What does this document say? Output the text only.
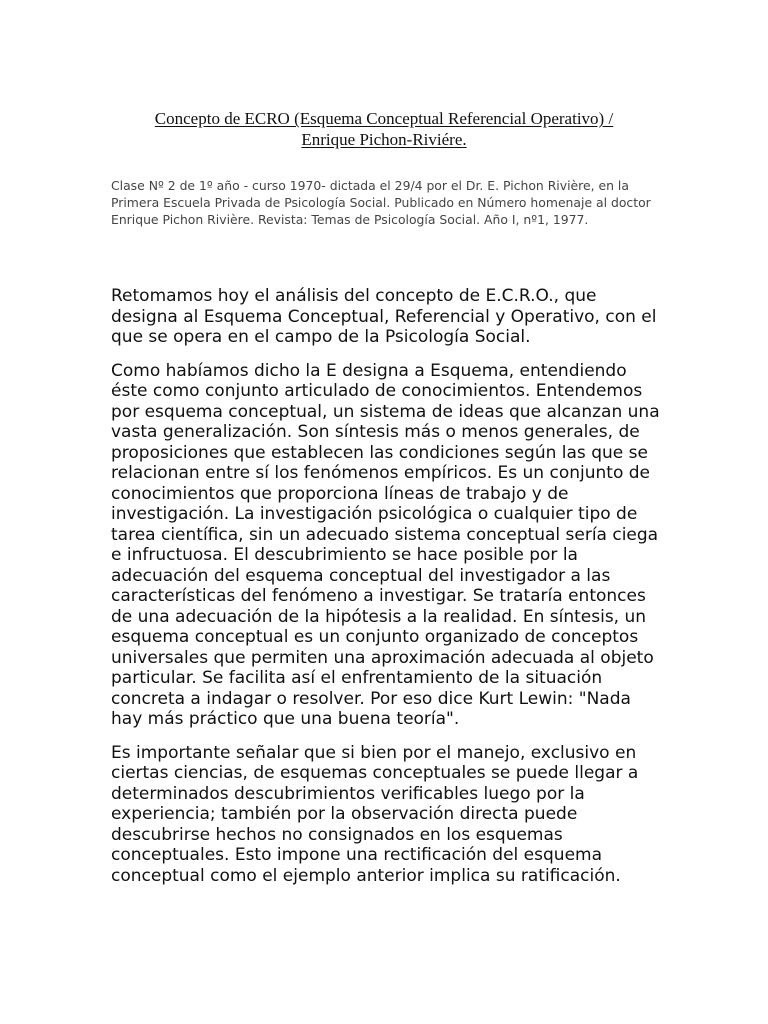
Concepto de ECRO (Esquema Conceptual Referencial Operativo) /
Enrique Pichon-Riviére.

Clase Nº 2 de 1º año - curso 1970- dictada el 29/4 por el Dr. E. Pichon Rivière, en la Primera Escuela Privada de Psicología Social. Publicado en Número homenaje al doctor Enrique Pichon Rivière. Revista: Temas de Psicología Social. Año I, nº1, 1977.

Retomamos hoy el análisis del concepto de E.C.R.O., que designa al Esquema Conceptual, Referencial y Operativo, con el que se opera en el campo de la Psicología Social.

Como habíamos dicho la E designa a Esquema, entendiendo éste como conjunto articulado de conocimientos. Entendemos por esquema conceptual, un sistema de ideas que alcanzan una vasta generalización. Son síntesis más o menos generales, de proposiciones que establecen las condiciones según las que se relacionan entre sí los fenómenos empíricos. Es un conjunto de conocimientos que proporciona líneas de trabajo y de investigación. La investigación psicológica o cualquier tipo de tarea científica, sin un adecuado sistema conceptual sería ciega e infructuosa. El descubrimiento se hace posible por la adecuación del esquema conceptual del investigador a las características del fenómeno a investigar. Se trataría entonces de una adecuación de la hipótesis a la realidad. En síntesis, un esquema conceptual es un conjunto organizado de conceptos universales que permiten una aproximación adecuada al objeto particular. Se facilita así el enfrentamiento de la situación concreta a indagar o resolver. Por eso dice Kurt Lewin: "Nada hay más práctico que una buena teoría".

Es importante señalar que si bien por el manejo, exclusivo en ciertas ciencias, de esquemas conceptuales se puede llegar a determinados descubrimientos verificables luego por la experiencia; también por la observación directa puede descubrirse hechos no consignados en los esquemas conceptuales. Esto impone una rectificación del esquema conceptual como el ejemplo anterior implica su ratificación.
